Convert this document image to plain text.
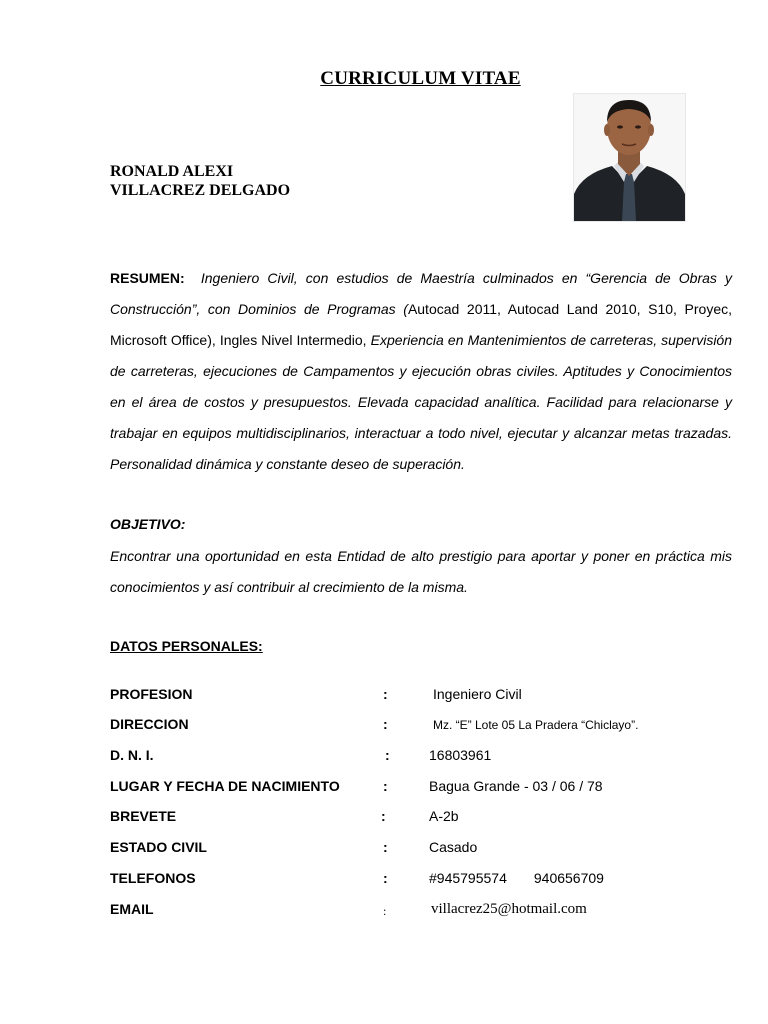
CURRICULUM VITAE
RONALD ALEXI
VILLACREZ DELGADO
RESUMEN: Ingeniero Civil, con estudios de Maestría culminados en “Gerencia de Obras y Construcción”, con Dominios de Programas (Autocad 2011, Autocad Land 2010, S10, Proyec, Microsoft Office), Ingles Nivel Intermedio, Experiencia en Mantenimientos de carreteras, supervisión de carreteras, ejecuciones de Campamentos y ejecución obras civiles. Aptitudes y Conocimientos en el área de costos y presupuestos. Elevada capacidad analítica. Facilidad para relacionarse y trabajar en equipos multidisciplinarios, interactuar a todo nivel, ejecutar y alcanzar metas trazadas. Personalidad dinámica y constante deseo de superación.
OBJETIVO:
Encontrar una oportunidad en esta Entidad de alto prestigio para aportar y poner en práctica mis conocimientos y así contribuir al crecimiento de la misma.
DATOS PERSONALES:
PROFESION	:	Ingeniero Civil
DIRECCION	:	Mz. “E” Lote 05 La Pradera “Chiclayo”.
D. N. I.	:	16803961
LUGAR Y FECHA DE NACIMIENTO	:	Bagua Grande - 03 / 06 / 78
BREVETE	:	A-2b
ESTADO CIVIL	:	Casado
TELEFONOS	:	#945795574 940656709
EMAIL	:	villacrez25@hotmail.com
